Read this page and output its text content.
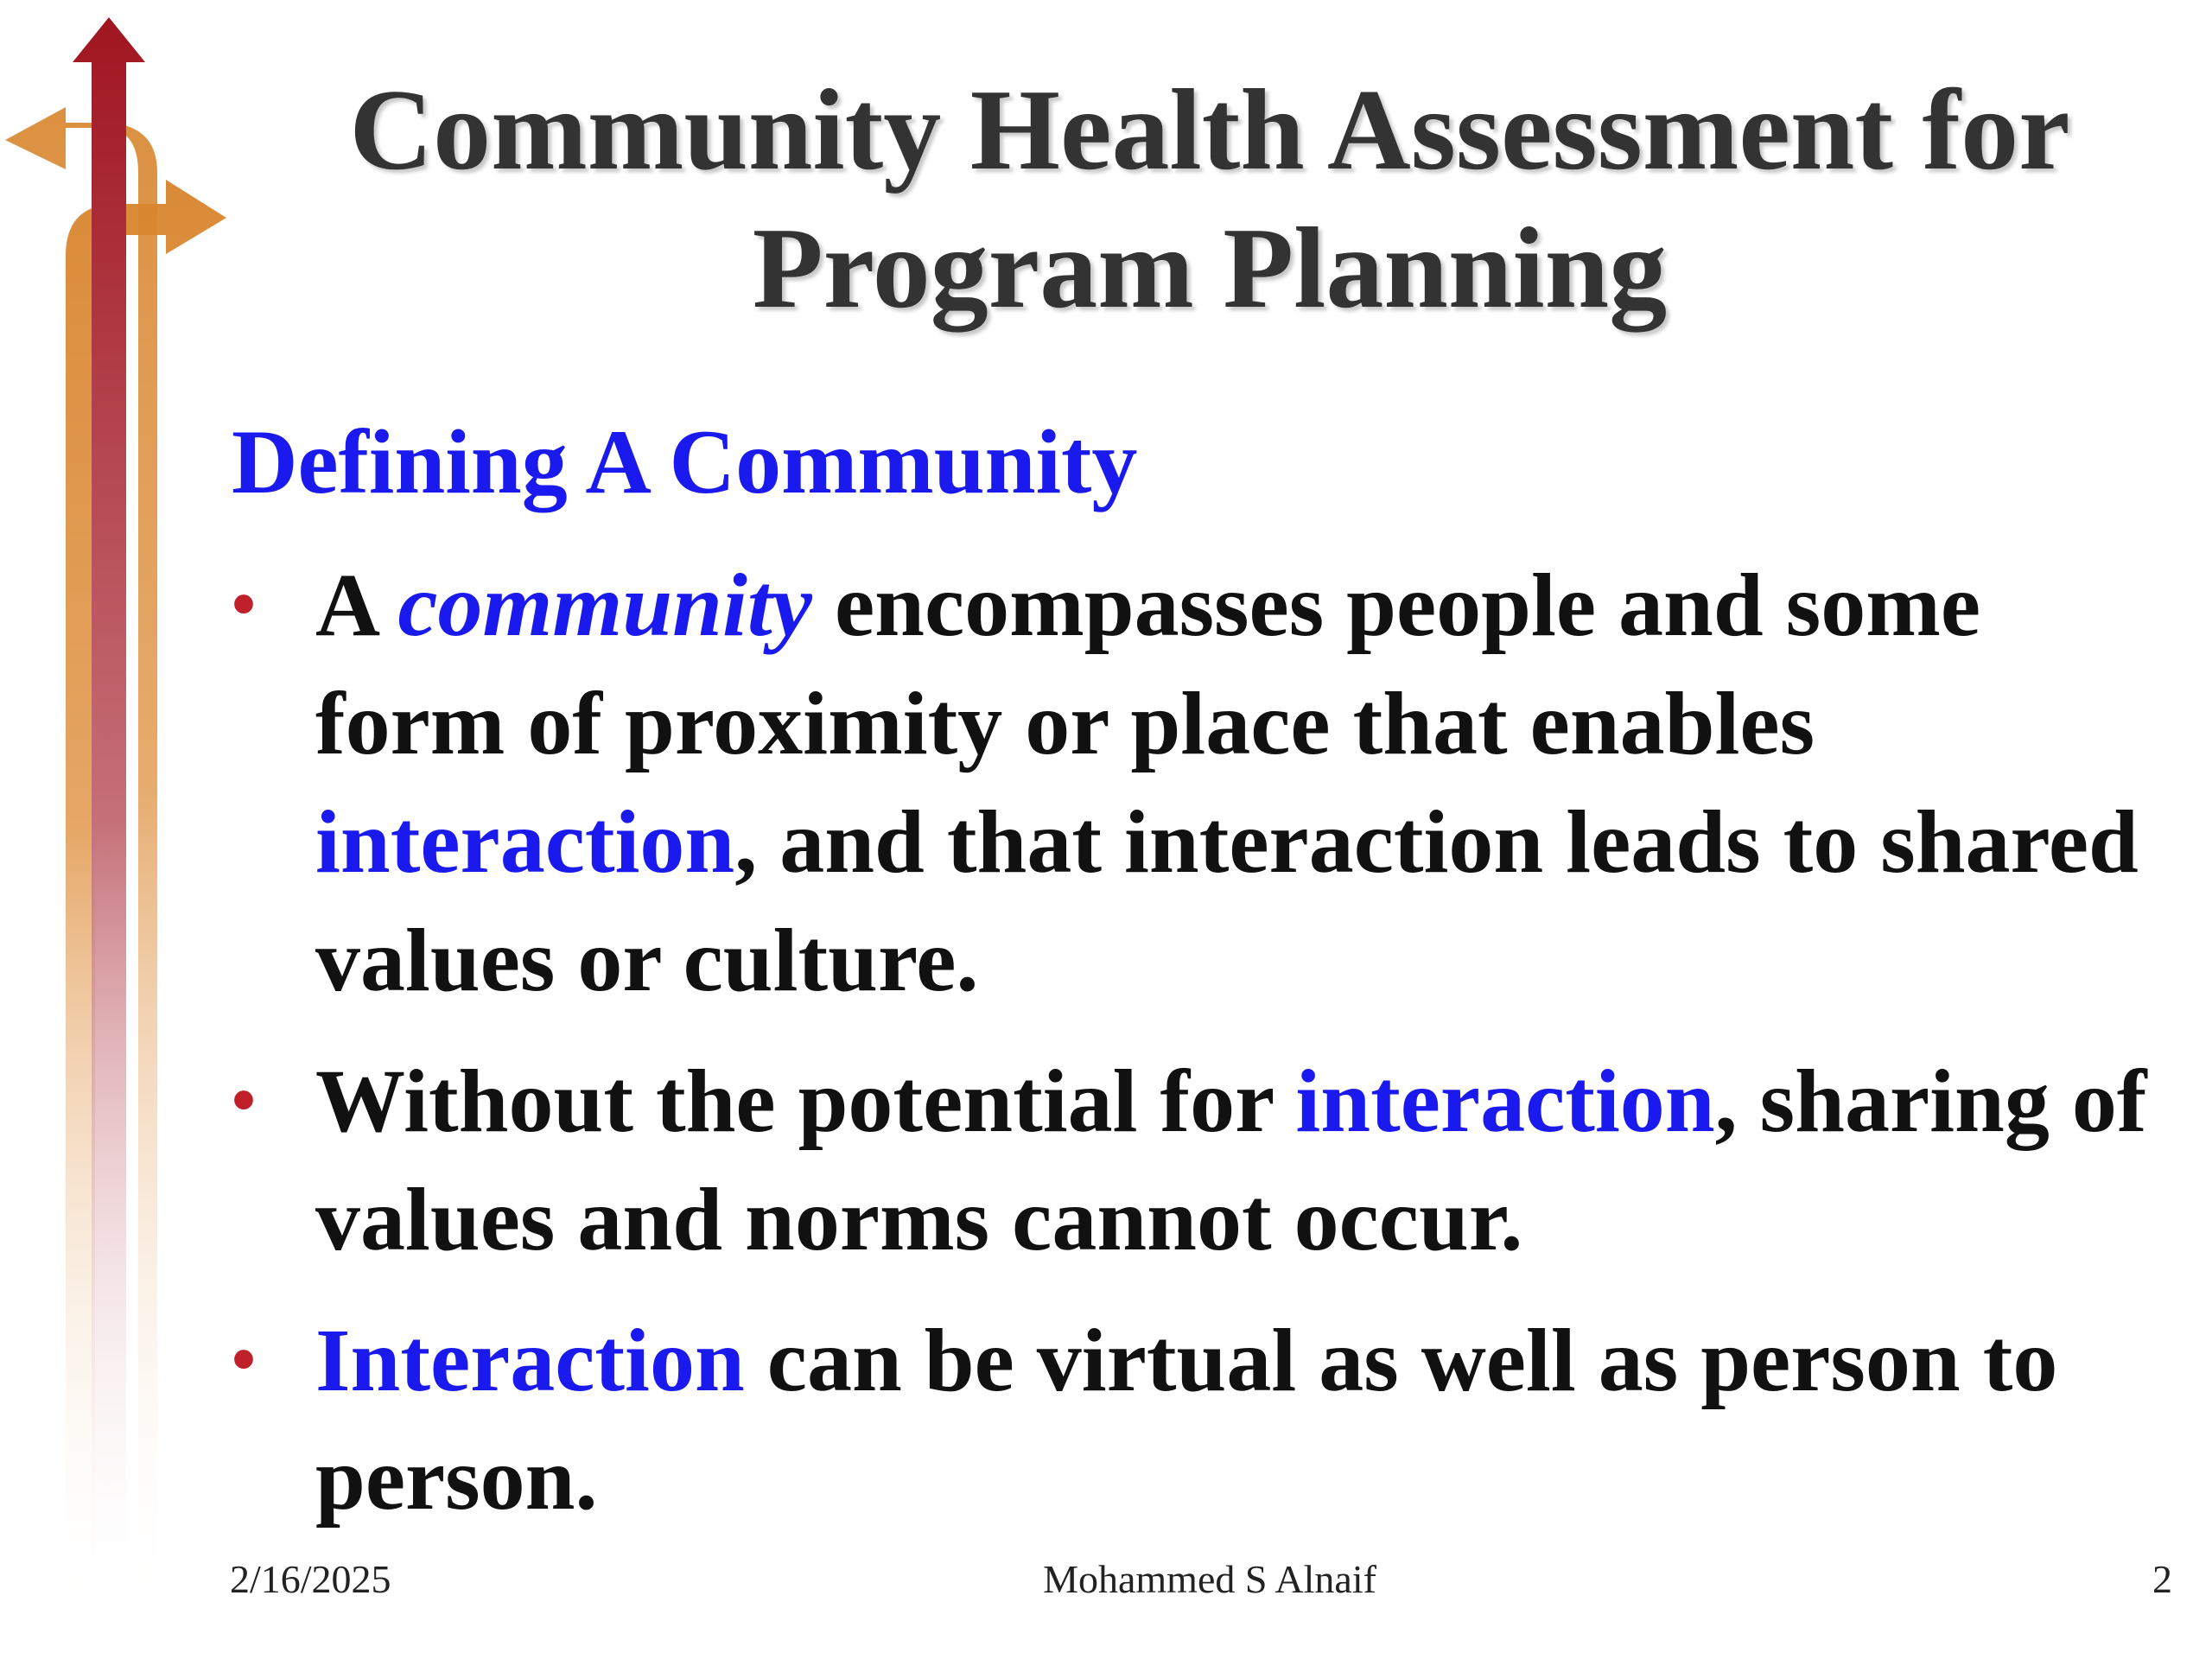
Community Health Assessment for
Program Planning
Defining A Community
• A community encompasses people and some form of proximity or place that enables interaction, and that interaction leads to shared values or culture.
• Without the potential for interaction, sharing of values and norms cannot occur.
• Interaction can be virtual as well as person to person.
2/16/2025	Mohammed S Alnaif	2
